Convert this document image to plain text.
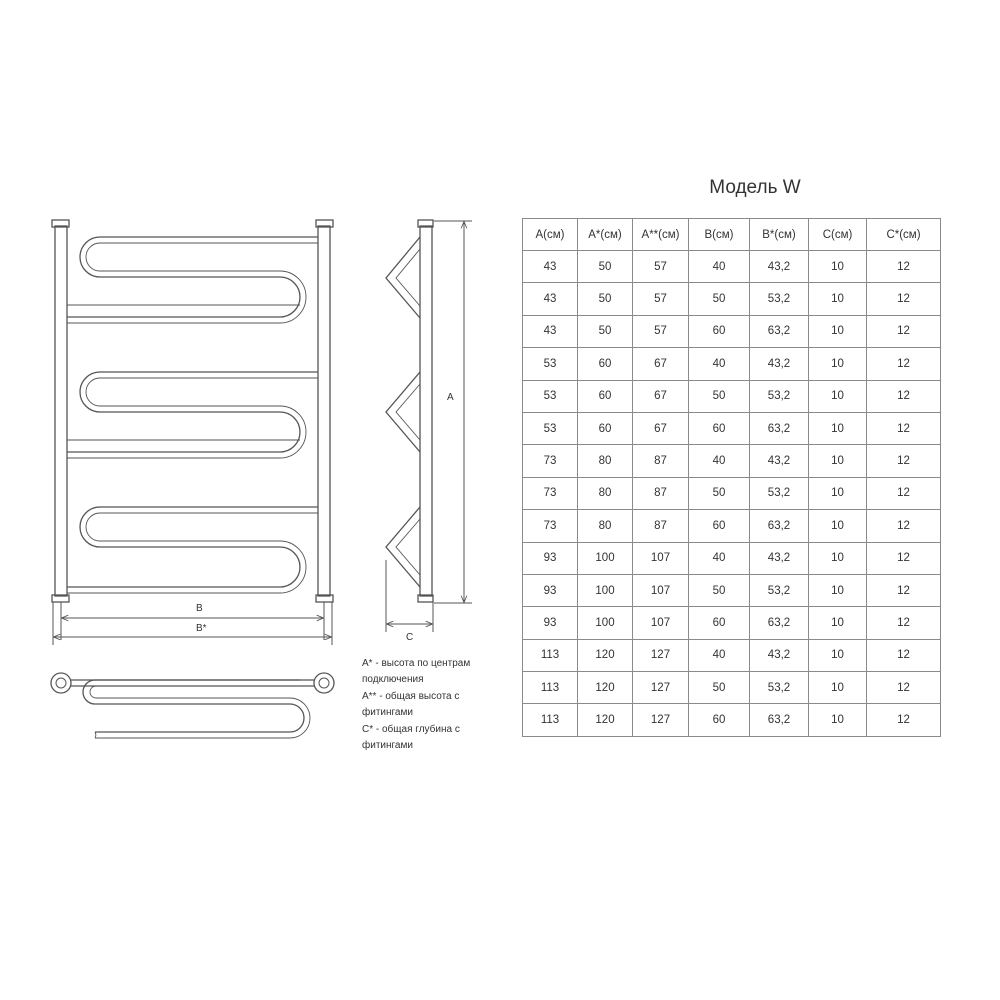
A
B
B*
C
A* - высота по центрам
подключения
A** - общая высота с
фитингами
C* - общая глубина с
фитингами
Модель W
A(см)	A*(см)	A**(см)	B(см)	B*(см)	C(см)	C*(см)
43	50	57	40	43,2	10	12
43	50	57	50	53,2	10	12
43	50	57	60	63,2	10	12
53	60	67	40	43,2	10	12
53	60	67	50	53,2	10	12
53	60	67	60	63,2	10	12
73	80	87	40	43,2	10	12
73	80	87	50	53,2	10	12
73	80	87	60	63,2	10	12
93	100	107	40	43,2	10	12
93	100	107	50	53,2	10	12
93	100	107	60	63,2	10	12
113	120	127	40	43,2	10	12
113	120	127	50	53,2	10	12
113	120	127	60	63,2	10	12
